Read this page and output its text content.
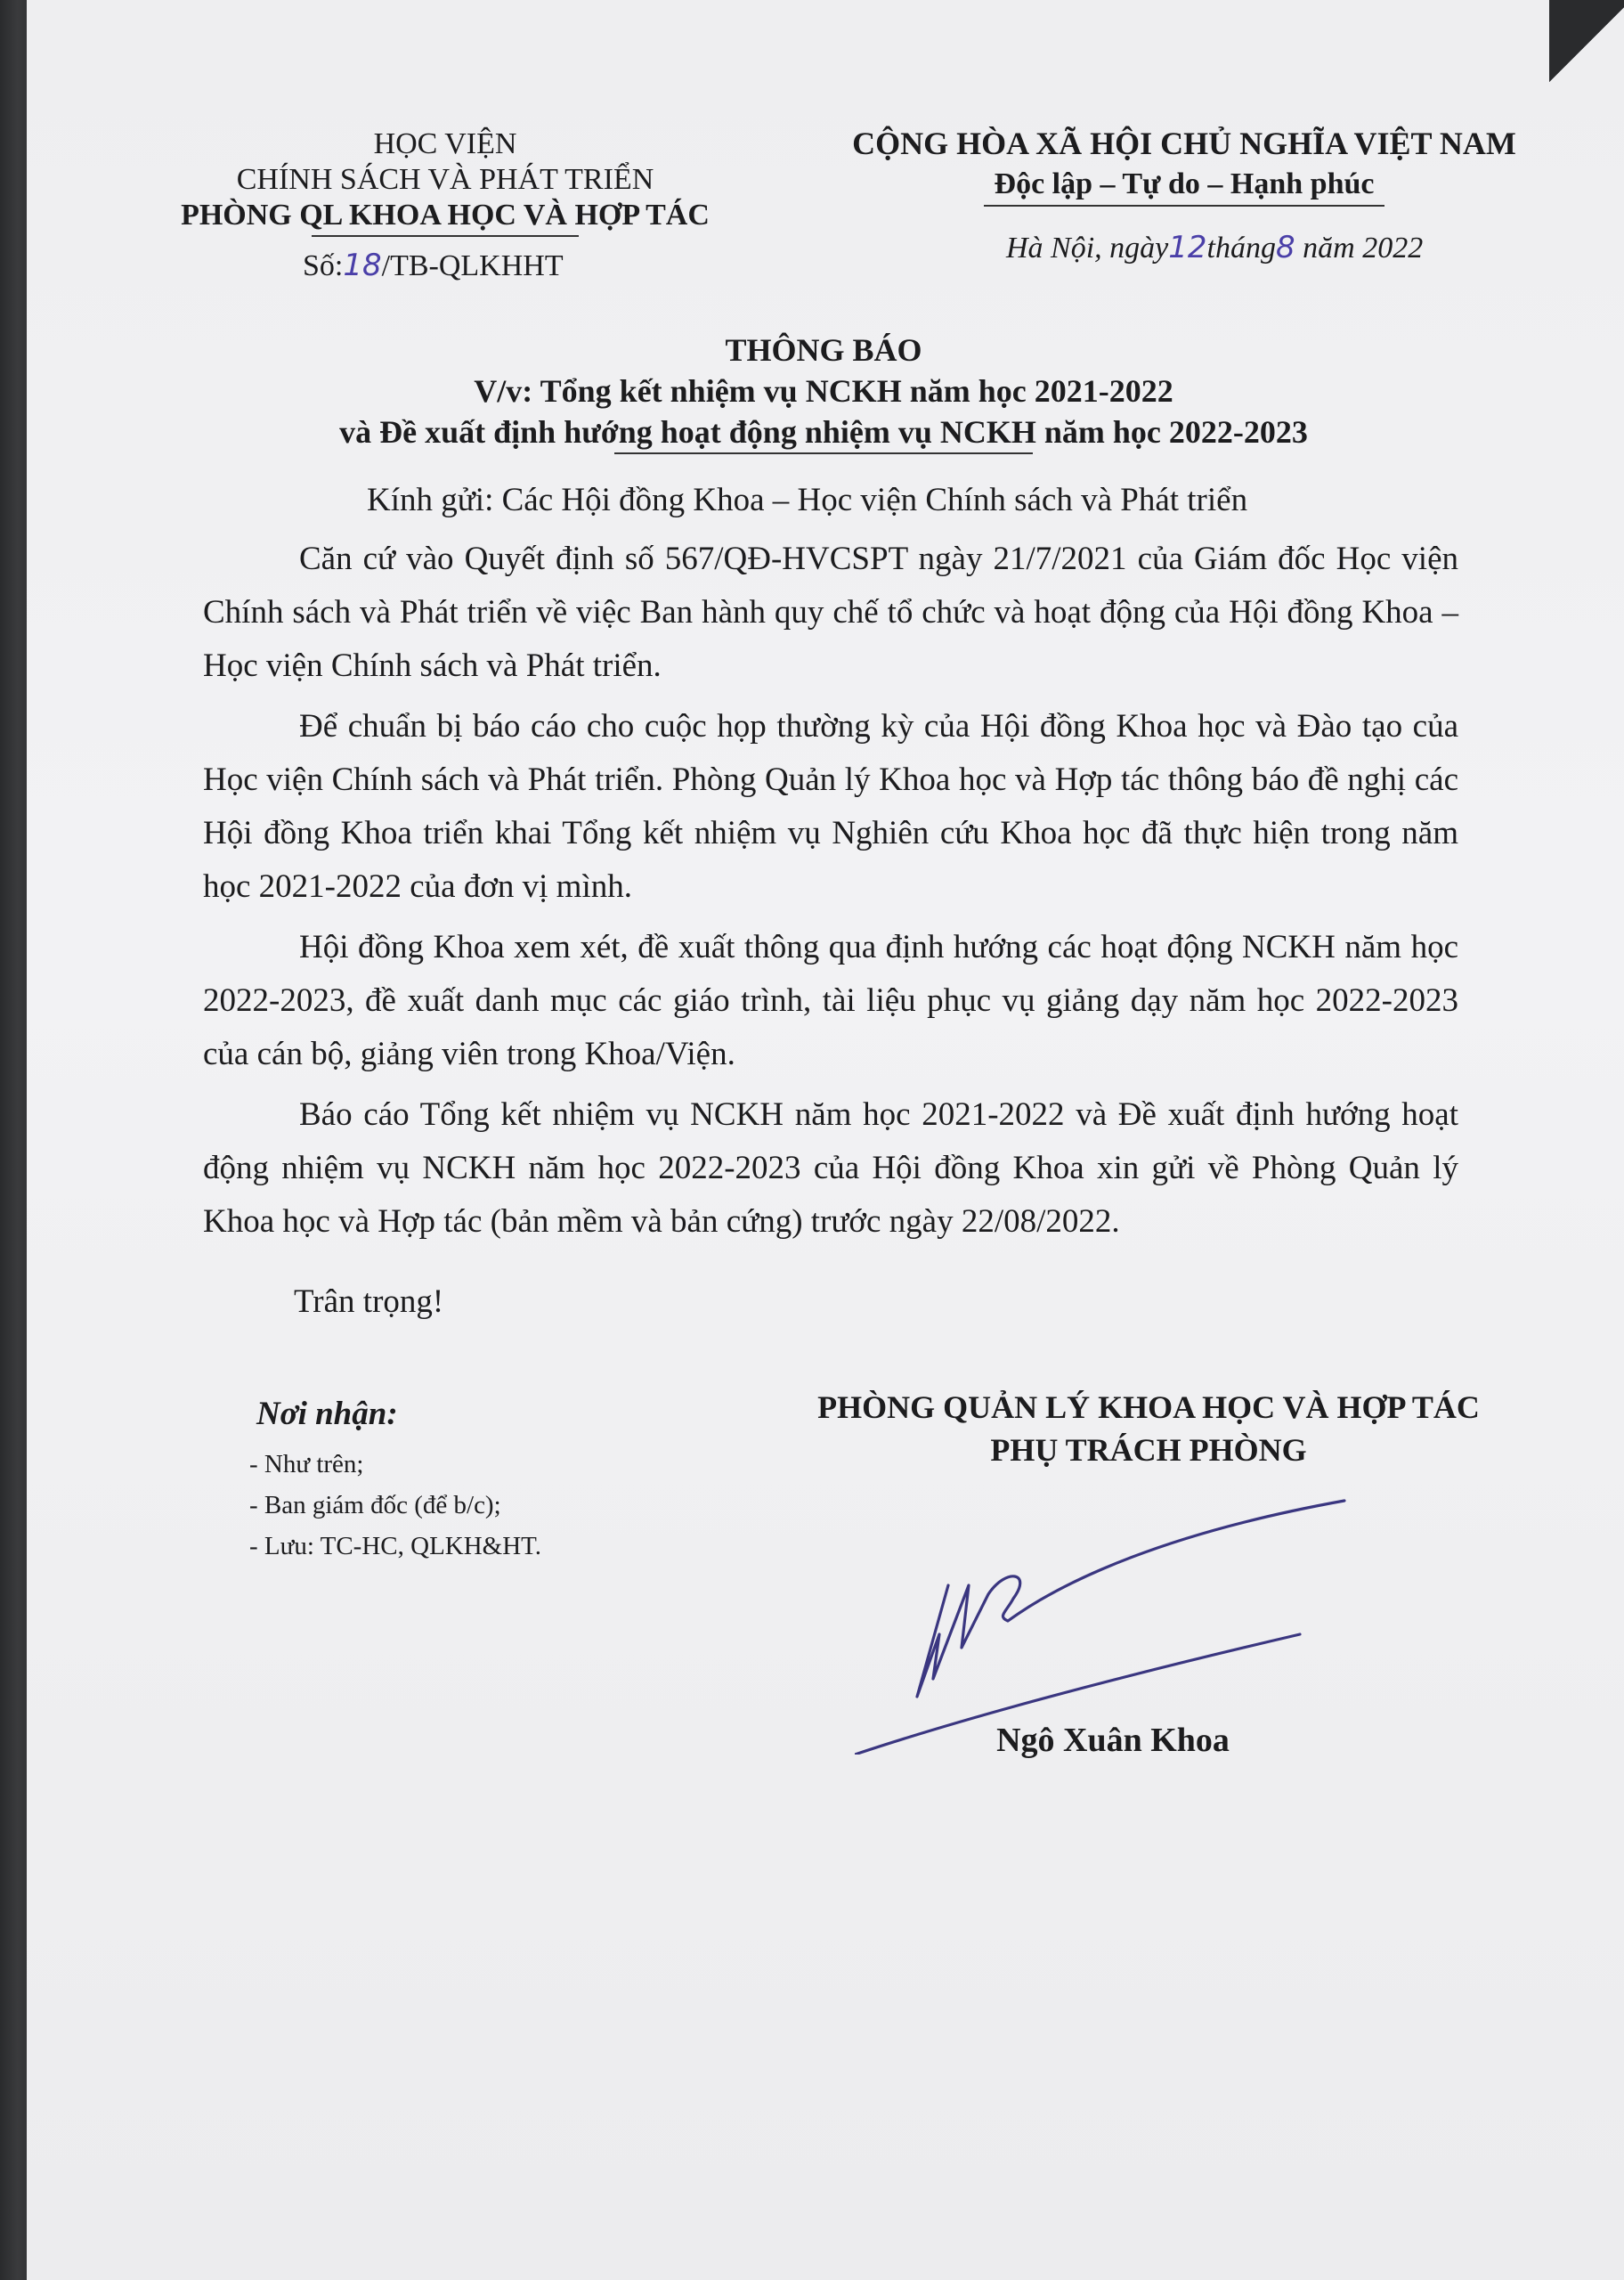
HỌC VIỆN
CHÍNH SÁCH VÀ PHÁT TRIỂN
PHÒNG QL KHOA HỌC VÀ HỢP TÁC
Số:18/TB-QLKHHT
CỘNG HÒA XÃ HỘI CHỦ NGHĨA VIỆT NAM
Độc lập – Tự do – Hạnh phúc
Hà Nội, ngày12tháng8 năm 2022
THÔNG BÁO
V/v: Tổng kết nhiệm vụ NCKH năm học 2021-2022
và Đề xuất định hướng hoạt động nhiệm vụ NCKH năm học 2022-2023
Kính gửi: Các Hội đồng Khoa – Học viện Chính sách và Phát triển

Căn cứ vào Quyết định số 567/QĐ-HVCSPT ngày 21/7/2021 của Giám đốc Học viện Chính sách và Phát triển về việc Ban hành quy chế tổ chức và hoạt động của Hội đồng Khoa – Học viện Chính sách và Phát triển.

Để chuẩn bị báo cáo cho cuộc họp thường kỳ của Hội đồng Khoa học và Đào tạo của Học viện Chính sách và Phát triển. Phòng Quản lý Khoa học và Hợp tác thông báo đề nghị các Hội đồng Khoa triển khai Tổng kết nhiệm vụ Nghiên cứu Khoa học đã thực hiện trong năm học 2021-2022 của đơn vị mình.

Hội đồng Khoa xem xét, đề xuất thông qua định hướng các hoạt động NCKH năm học 2022-2023, đề xuất danh mục các giáo trình, tài liệu phục vụ giảng dạy năm học 2022-2023 của cán bộ, giảng viên trong Khoa/Viện.

Báo cáo Tổng kết nhiệm vụ NCKH năm học 2021-2022 và Đề xuất định hướng hoạt động nhiệm vụ NCKH năm học 2022-2023 của Hội đồng Khoa xin gửi về Phòng Quản lý Khoa học và Hợp tác (bản mềm và bản cứng) trước ngày 22/08/2022.

Trân trọng!
Nơi nhận:
- Như trên;
- Ban giám đốc (để b/c);
- Lưu: TC-HC, QLKH&HT.
PHÒNG QUẢN LÝ KHOA HỌC VÀ HỢP TÁC
PHỤ TRÁCH PHÒNG
Ngô Xuân Khoa
